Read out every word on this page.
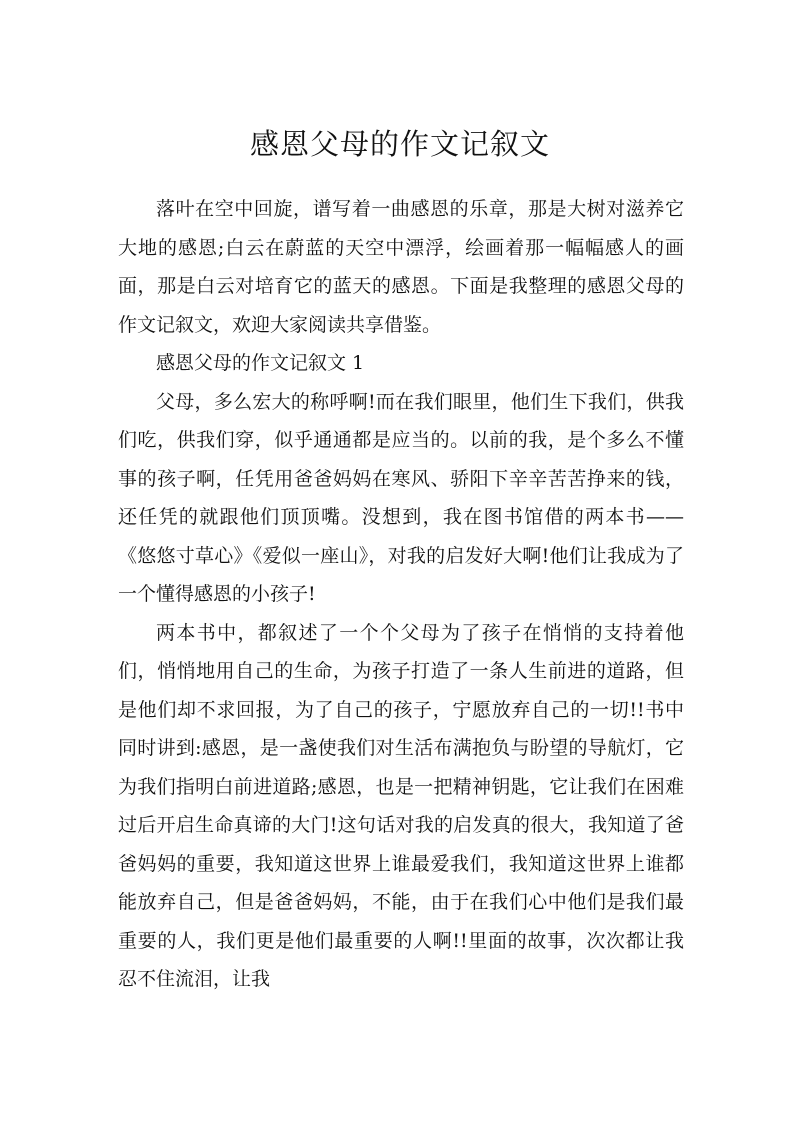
感恩父母的作文记叙文

落叶在空中回旋，谱写着一曲感恩的乐章，那是大树对滋养它大地的感恩;白云在蔚蓝的天空中漂浮，绘画着那一幅幅感人的画面，那是白云对培育它的蓝天的感恩。下面是我整理的感恩父母的作文记叙文，欢迎大家阅读共享借鉴。

感恩父母的作文记叙文 1

父母，多么宏大的称呼啊!而在我们眼里，他们生下我们，供我们吃，供我们穿，似乎通通都是应当的。以前的我，是个多么不懂事的孩子啊，任凭用爸爸妈妈在寒风、骄阳下辛辛苦苦挣来的钱，还任凭的就跟他们顶顶嘴。没想到，我在图书馆借的两本书——《悠悠寸草心》《爱似一座山》，对我的启发好大啊!他们让我成为了一个懂得感恩的小孩子!

两本书中，都叙述了一个个父母为了孩子在悄悄的支持着他们，悄悄地用自己的生命，为孩子打造了一条人生前进的道路，但是他们却不求回报，为了自己的孩子，宁愿放弃自己的一切!!书中同时讲到:感恩，是一盏使我们对生活布满抱负与盼望的导航灯，它为我们指明白前进道路;感恩，也是一把精神钥匙，它让我们在困难过后开启生命真谛的大门!这句话对我的启发真的很大，我知道了爸爸妈妈的重要，我知道这世界上谁最爱我们，我知道这世界上谁都能放弃自己，但是爸爸妈妈，不能，由于在我们心中他们是我们最重要的人，我们更是他们最重要的人啊!!里面的故事，次次都让我忍不住流泪，让我
